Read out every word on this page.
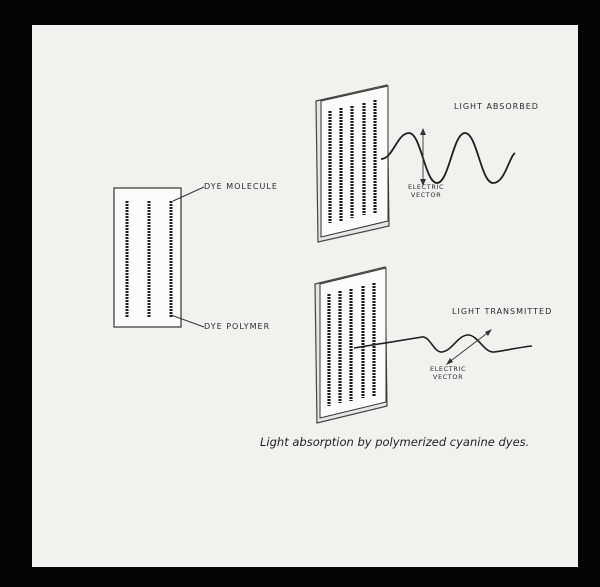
DYE MOLECULE
DYE POLYMER
LIGHT ABSORBED
ELECTRIC
VECTOR
LIGHT TRANSMITTED
ELECTRIC
VECTOR
Light absorption by polymerized cyanine dyes.
